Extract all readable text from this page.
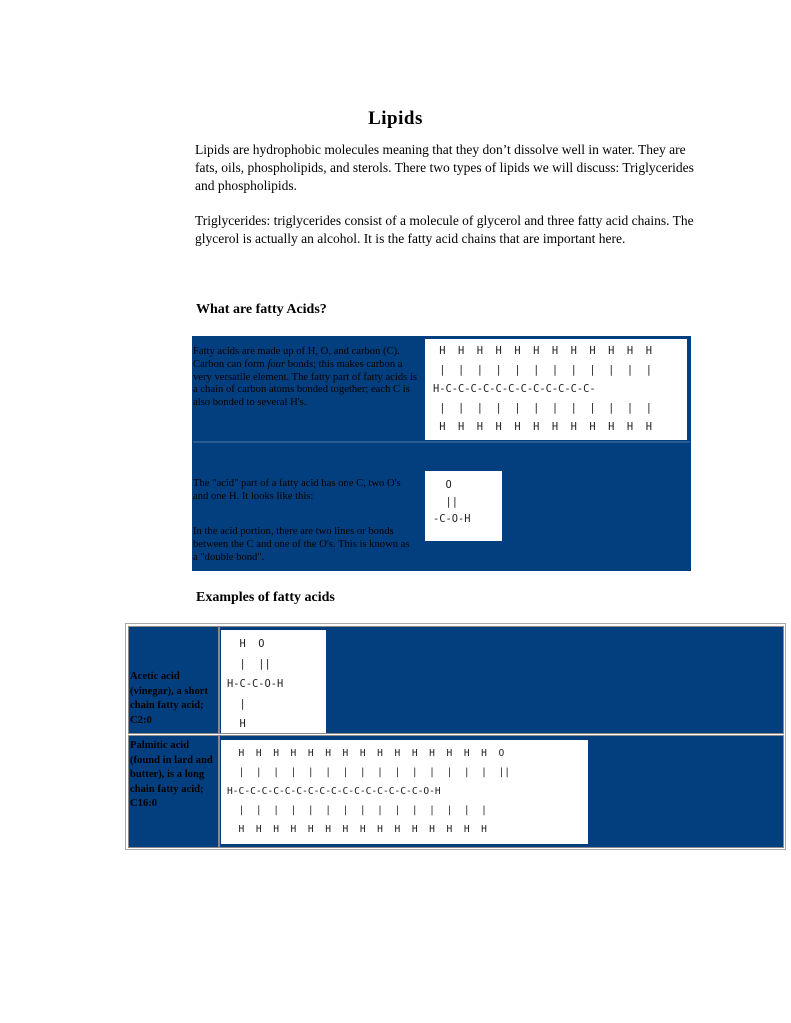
Lipids

Lipids are hydrophobic molecules meaning that they don’t dissolve well in water. They are fats, oils, phospholipids, and sterols. There two types of lipids we will discuss: Triglycerides and phospholipids.

Triglycerides: triglycerides consist of a molecule of glycerol and three fatty acid chains. The glycerol is actually an alcohol. It is the fatty acid chains that are important here.

What are fatty Acids?

Fatty acids are made up of H, O, and carbon (C). Carbon can form four bonds; this makes carbon a very versatile element. The fatty part of fatty acids is a chain of carbon atoms bonded together; each C is also bonded to several H's.

H  H  H  H  H  H  H  H  H  H  H  H
|  |  |  |  |  |  |  |  |  |  |  |
H-C-C-C-C-C-C-C-C-C-C-C-C-
|  |  |  |  |  |  |  |  |  |  |  |
H  H  H  H  H  H  H  H  H  H  H  H

The "acid" part of a fatty acid has one C, two O's and one H. It looks like this:

In the acid portion, there are two lines or bonds between the C and one of the O's. This is known as a "double bond".

O
||
-C-O-H
Examples of fatty acids

Acetic acid (vinegar), a short chain fatty acid; C2:0

H  O
|  ||
H-C-C-O-H
|
H

Palmitic acid (found in lard and butter), is a long chain fatty acid; C16:0

H  H  H  H  H  H  H  H  H  H  H  H  H  H  H  O
|  |  |  |  |  |  |  |  |  |  |  |  |  |  |  ||
H-C-C-C-C-C-C-C-C-C-C-C-C-C-C-C-C-O-H
|  |  |  |  |  |  |  |  |  |  |  |  |  |  |
H  H  H  H  H  H  H  H  H  H  H  H  H  H  H
